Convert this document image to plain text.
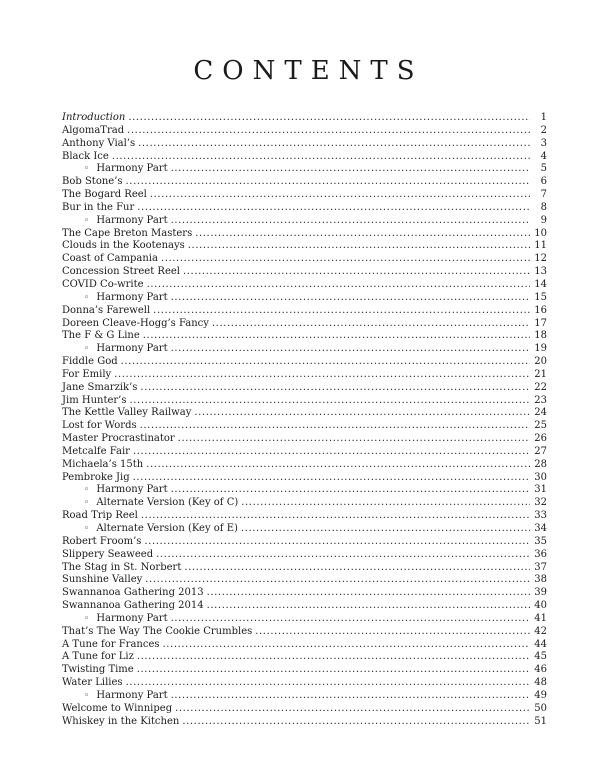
CONTENTS
Introduction .....	1
AlgomaTrad .....	2
Anthony Vial’s .....	3
Black Ice .....	4
◦ Harmony Part .....	5
Bob Stone’s .....	6
The Bogard Reel .....	7
Bur in the Fur .....	8
◦ Harmony Part .....	9
The Cape Breton Masters .....	10
Clouds in the Kootenays .....	11
Coast of Campania .....	12
Concession Street Reel .....	13
COVID Co-write .....	14
◦ Harmony Part .....	15
Donna’s Farewell .....	16
Doreen Cleave-Hogg’s Fancy .....	17
The F & G Line .....	18
◦ Harmony Part .....	19
Fiddle God .....	20
For Emily .....	21
Jane Smarzik’s .....	22
Jim Hunter’s .....	23
The Kettle Valley Railway .....	24
Lost for Words .....	25
Master Procrastinator .....	26
Metcalfe Fair .....	27
Michaela’s 15th .....	28
Pembroke Jig .....	30
◦ Harmony Part .....	31
◦ Alternate Version (Key of C) .....	32
Road Trip Reel .....	33
◦ Alternate Version (Key of E) .....	34
Robert Froom’s .....	35
Slippery Seaweed .....	36
The Stag in St. Norbert .....	37
Sunshine Valley .....	38
Swannanoa Gathering 2013 .....	39
Swannanoa Gathering 2014 .....	40
◦ Harmony Part .....	41
That’s The Way The Cookie Crumbles .....	42
A Tune for Frances .....	44
A Tune for Liz .....	45
Twisting Time .....	46
Water Lilies .....	48
◦ Harmony Part .....	49
Welcome to Winnipeg .....	50
Whiskey in the Kitchen .....	51
